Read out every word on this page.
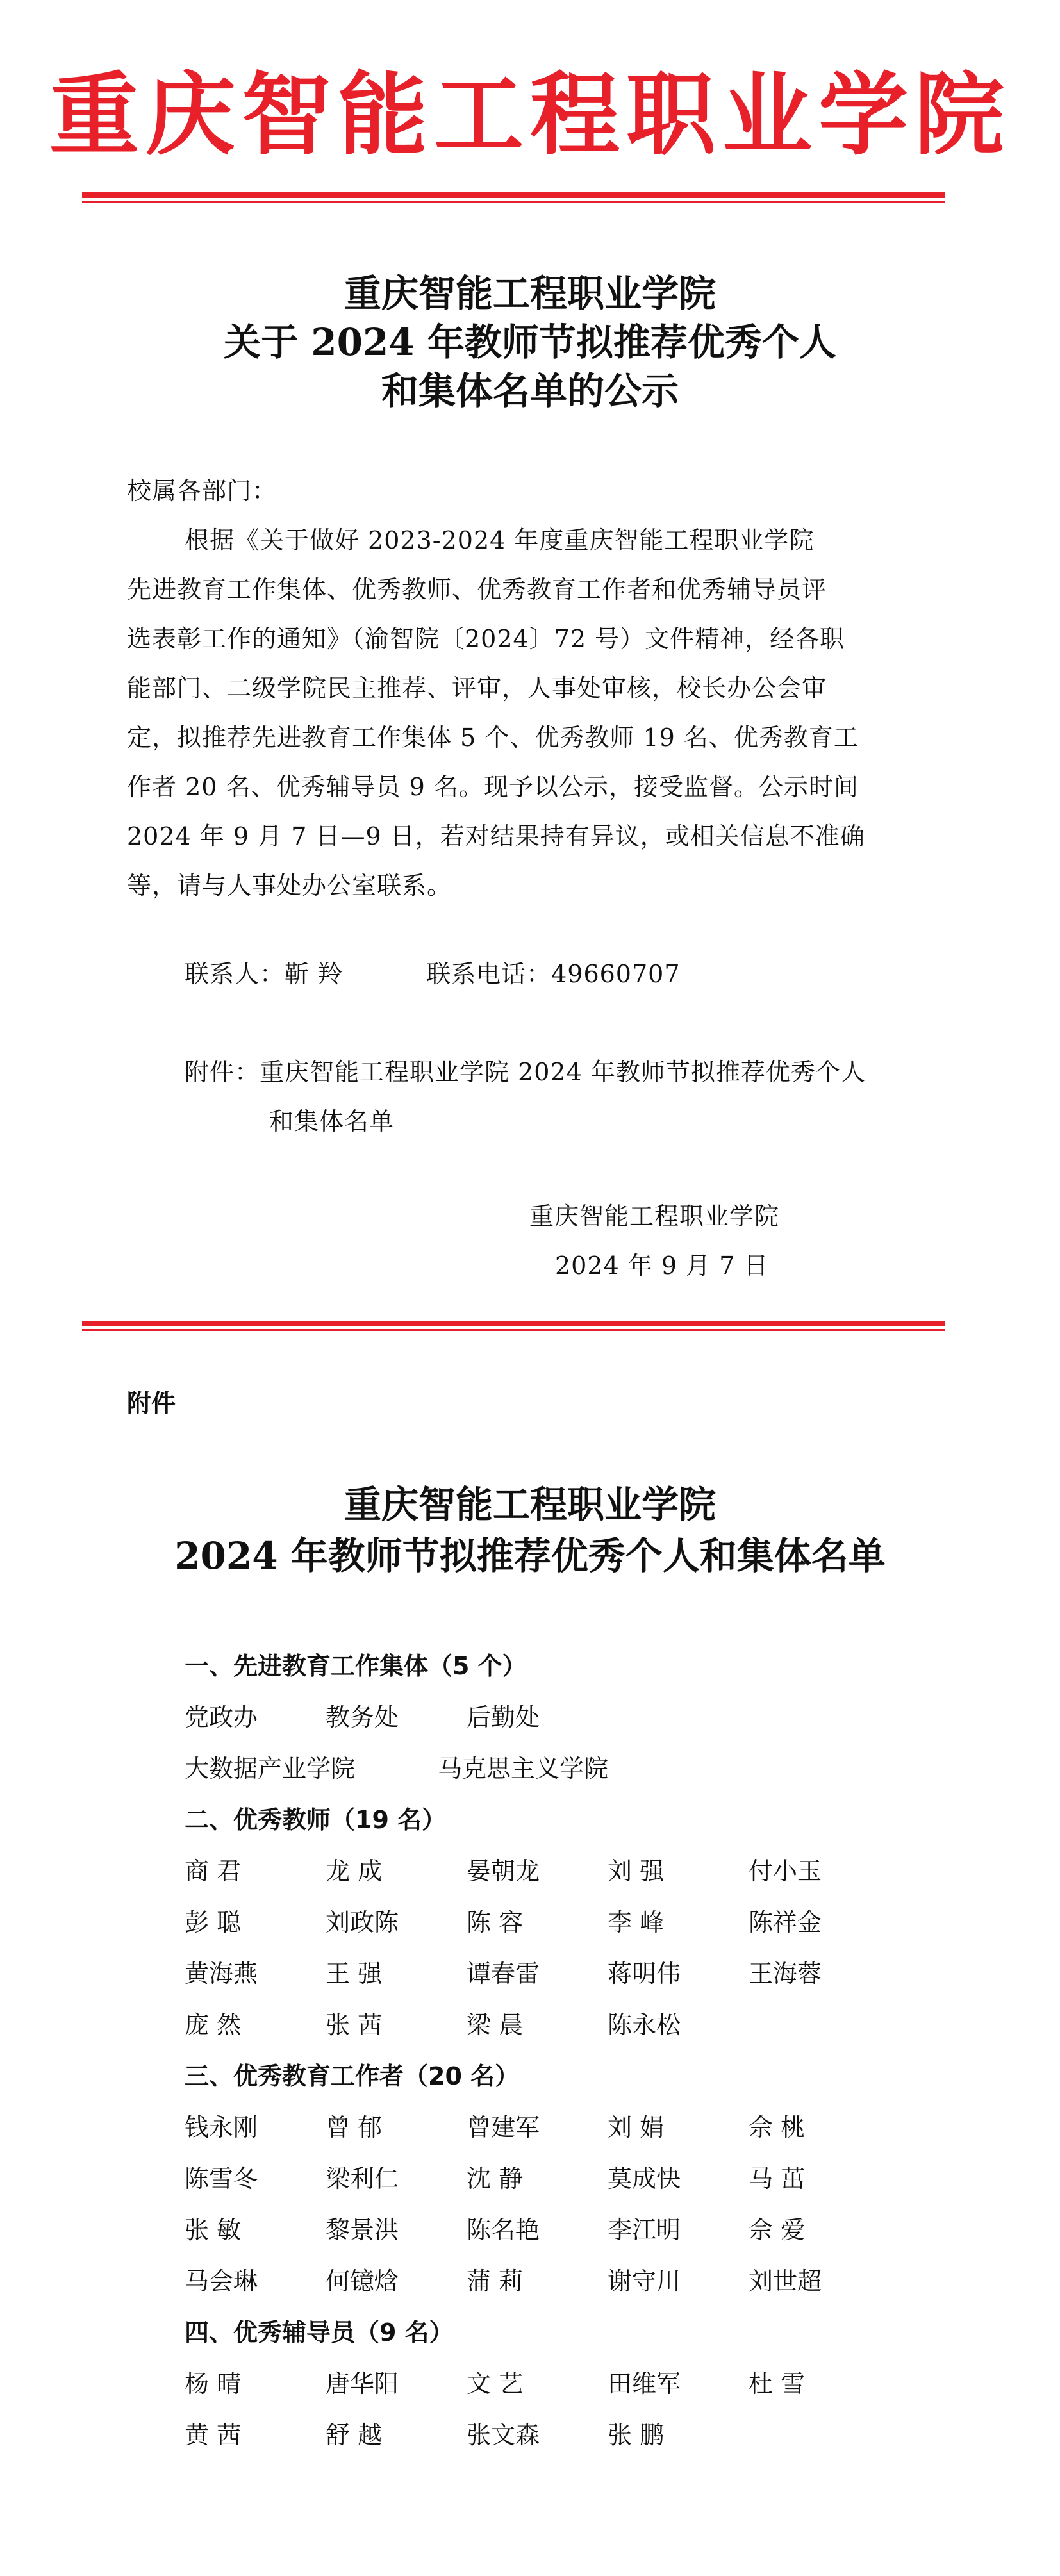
重庆智能工程职业学院
重庆智能工程职业学院
关于 2024 年教师节拟推荐优秀个人
和集体名单的公示
校属各部门：
根据《关于做好 2023-2024 年度重庆智能工程职业学院
先进教育工作集体、优秀教师、优秀教育工作者和优秀辅导员评
选表彰工作的通知》（渝智院〔2024〕72 号）文件精神，经各职
能部门、二级学院民主推荐、评审，人事处审核，校长办公会审
定，拟推荐先进教育工作集体 5 个、优秀教师 19 名、优秀教育工
作者 20 名、优秀辅导员 9 名。现予以公示，接受监督。公示时间
2024 年 9 月 7 日—9 日，若对结果持有异议，或相关信息不准确
等，请与人事处办公室联系。
联系人：靳 羚	联系电话：49660707
附件：重庆智能工程职业学院 2024 年教师节拟推荐优秀个人
和集体名单
重庆智能工程职业学院
2024 年 9 月 7 日
附件
重庆智能工程职业学院
2024 年教师节拟推荐优秀个人和集体名单
一、先进教育工作集体（5 个）
党政办	教务处	后勤处
大数据产业学院	马克思主义学院
二、优秀教师（19 名）
商 君	龙 成	晏朝龙	刘 强	付小玉
彭 聪	刘政陈	陈 容	李 峰	陈祥金
黄海燕	王 强	谭春雷	蒋明伟	王海蓉
庞 然	张 茜	梁 晨	陈永松
三、优秀教育工作者（20 名）
钱永刚	曾 郁	曾建军	刘 娟	佘 桃
陈雪冬	梁利仁	沈 静	莫成快	马 茁
张 敏	黎景洪	陈名艳	李江明	佘 爱
马会琳	何镱焓	蒲 莉	谢守川	刘世超
四、优秀辅导员（9 名）
杨 晴	唐华阳	文 艺	田维军	杜 雪
黄 茜	舒 越	张文森	张 鹏
